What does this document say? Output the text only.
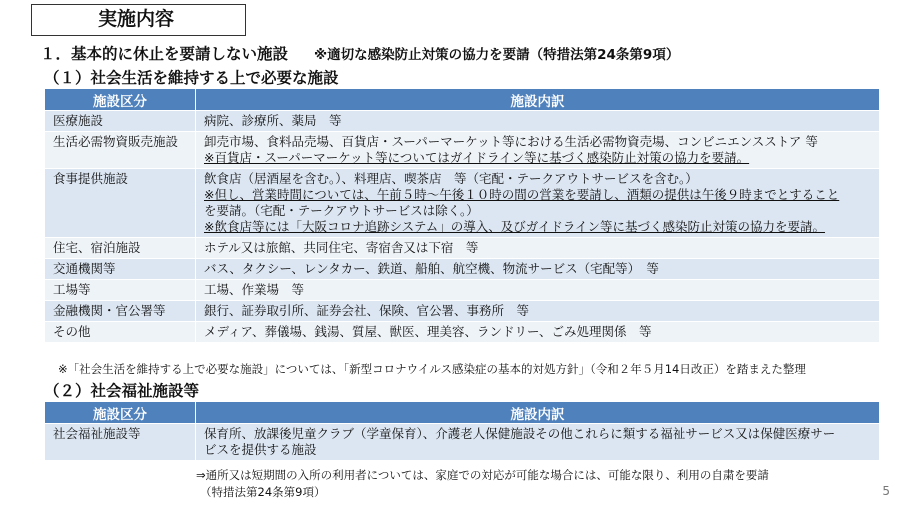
実施内容
１．基本的に休止を要請しない施設 ※適切な感染防止対策の協力を要請（特措法第24条第9項）
（１）社会生活を維持する上で必要な施設
施設区分	施設内訳
医療施設	病院、診療所、薬局　等

生活必需物資販売施設	卸売市場、食料品売場、百貨店・スーパーマーケット等における生活必需物資売場、コンビニエンスストア 等
※百貨店・スーパーマーケット等についてはガイドライン等に基づく感染防止対策の協力を要請。

食事提供施設	飲食店（居酒屋を含む。）、料理店、喫茶店　等（宅配・テークアウトサービスを含む。）
※但し、営業時間については、午前５時～午後１０時の間の営業を要請し、酒類の提供は午後９時までとすること
を要請。（宅配・テークアウトサービスは除く。）
※飲食店等には「大阪コロナ追跡システム」の導入、及びガイドライン等に基づく感染防止対策の協力を要請。

住宅、宿泊施設	ホテル又は旅館、共同住宅、寄宿舎又は下宿　等

交通機関等	バス、タクシー、レンタカー、鉄道、船舶、航空機、物流サービス（宅配等）　等

工場等	工場、作業場　等

金融機関・官公署等	銀行、証券取引所、証券会社、保険、官公署、事務所　等

その他	メディア、葬儀場、銭湯、質屋、獣医、理美容、ランドリー、ごみ処理関係　等
※「社会生活を維持する上で必要な施設」については、「新型コロナウイルス感染症の基本的対処方針」（令和２年５月14日改正）を踏まえた整理
（２）社会福祉施設等
施設区分	施設内訳
社会福祉施設等	保育所、放課後児童クラブ（学童保育）、介護老人保健施設その他これらに類する福祉サービス又は保健医療サー
ビスを提供する施設
⇒通所又は短期間の入所の利用者については、家庭での対応が可能な場合には、可能な限り、利用の自粛を要請
（特措法第24条第9項）	5
